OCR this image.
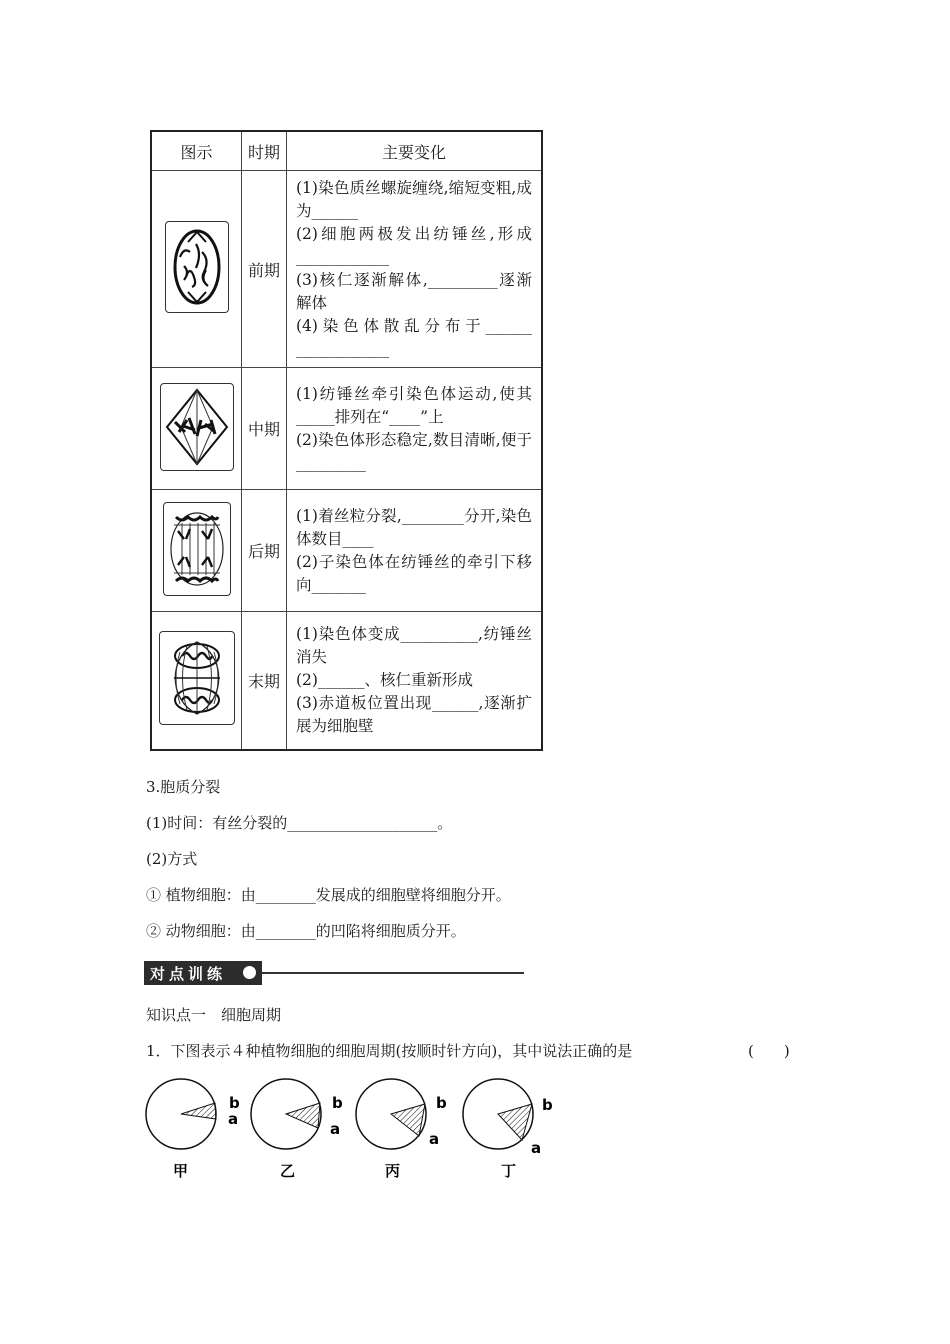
图示	时期	主要变化
	前期	(1)染色质丝螺旋缠绕,缩短变粗,成为______
(2)细胞两极发出纺锤丝,形成____________
(3)核仁逐渐解体,_________逐渐解体
(4)染色体散乱分布于______ ____________

	中期	(1)纺锤丝牵引染色体运动,使其_____排列在“____”上
(2)染色体形态稳定,数目清晰,便于_________

	后期	(1)着丝粒分裂,________分开,染色体数目____
(2)子染色体在纺锤丝的牵引下移向_______

	末期	(1)染色体变成__________,纺锤丝消失
(2)______、核仁重新形成
(3)赤道板位置出现______,逐渐扩展为细胞壁
3.胞质分裂
(1)时间：有丝分裂的____________________。
(2)方式
① 植物细胞：由________发展成的细胞壁将细胞分开。
② 动物细胞：由________的凹陷将细胞质分开。
对点训练
知识点一　细胞周期
1．下图表示４种植物细胞的细胞周期(按顺时针方向)，其中说法正确的是	(　　)
b
a
甲
b
a
乙
b
a
丙
b
a
丁
